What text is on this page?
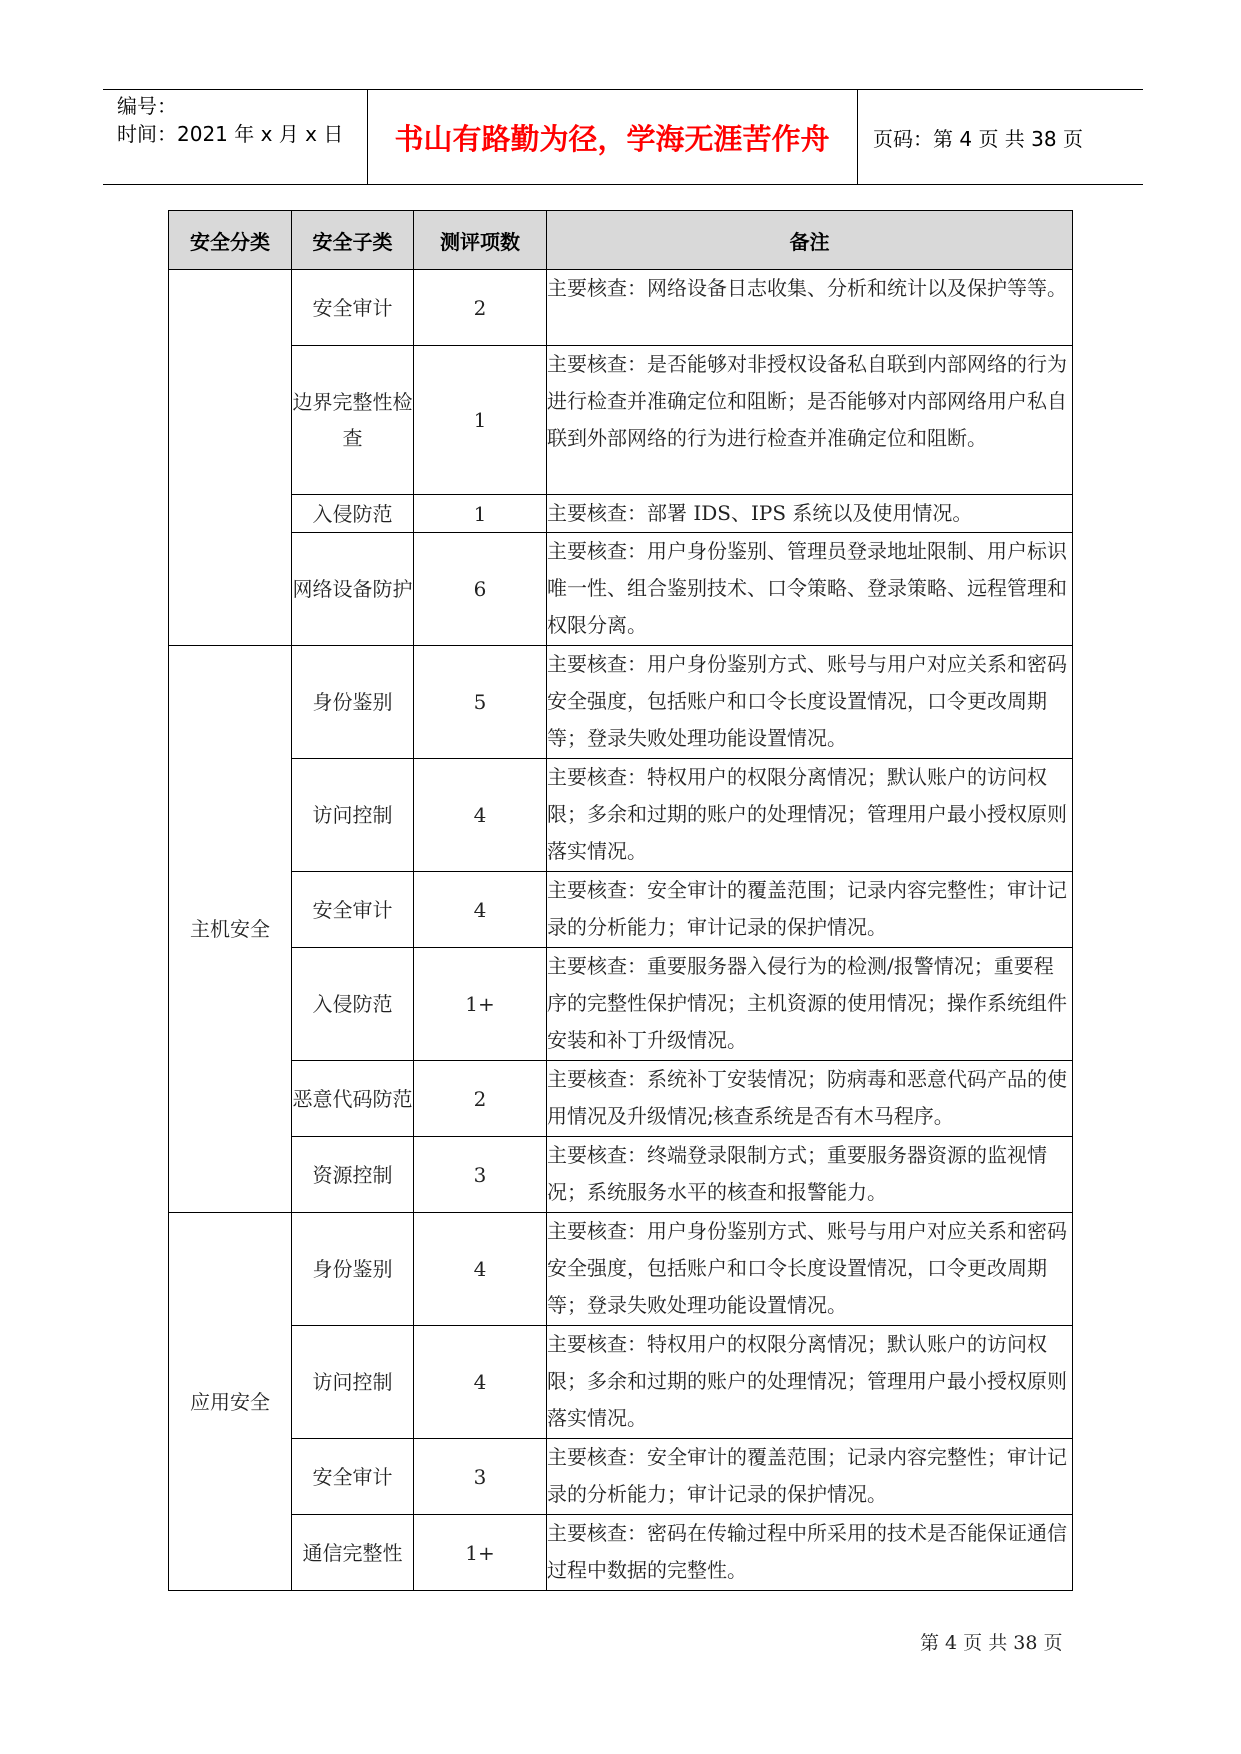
编号：
时间：2021 年 x 月 x 日	书山有路勤为径，学海无涯苦作舟	页码：第 4 页 共 38 页
安全分类	安全子类	测评项数	备注
	安全审计	2	主要核查：网络设备日志收集、分析和统计以及保护等等。
	边界完整性检查	1	主要核查：是否能够对非授权设备私自联到内部网络的行为进行检查并准确定位和阻断；是否能够对内部网络用户私自联到外部网络的行为进行检查并准确定位和阻断。
	入侵防范	1	主要核查：部署 IDS、IPS 系统以及使用情况。
	网络设备防护	6	主要核查：用户身份鉴别、管理员登录地址限制、用户标识唯一性、组合鉴别技术、口令策略、登录策略、远程管理和权限分离。
主机安全	身份鉴别	5	主要核查：用户身份鉴别方式、账号与用户对应关系和密码安全强度，包括账户和口令长度设置情况，口令更改周期等；登录失败处理功能设置情况。
	访问控制	4	主要核查：特权用户的权限分离情况；默认账户的访问权限；多余和过期的账户的处理情况；管理用户最小授权原则落实情况。
	安全审计	4	主要核查：安全审计的覆盖范围；记录内容完整性；审计记录的分析能力；审计记录的保护情况。
	入侵防范	1+	主要核查：重要服务器入侵行为的检测/报警情况；重要程序的完整性保护情况；主机资源的使用情况；操作系统组件安装和补丁升级情况。
	恶意代码防范	2	主要核查：系统补丁安装情况；防病毒和恶意代码产品的使用情况及升级情况;核查系统是否有木马程序。
	资源控制	3	主要核查：终端登录限制方式；重要服务器资源的监视情况；系统服务水平的核查和报警能力。
应用安全	身份鉴别	4	主要核查：用户身份鉴别方式、账号与用户对应关系和密码安全强度，包括账户和口令长度设置情况，口令更改周期等；登录失败处理功能设置情况。
	访问控制	4	主要核查：特权用户的权限分离情况；默认账户的访问权限；多余和过期的账户的处理情况；管理用户最小授权原则落实情况。
	安全审计	3	主要核查：安全审计的覆盖范围；记录内容完整性；审计记录的分析能力；审计记录的保护情况。
	通信完整性	1+	主要核查：密码在传输过程中所采用的技术是否能保证通信过程中数据的完整性。
第 4 页 共 38 页
